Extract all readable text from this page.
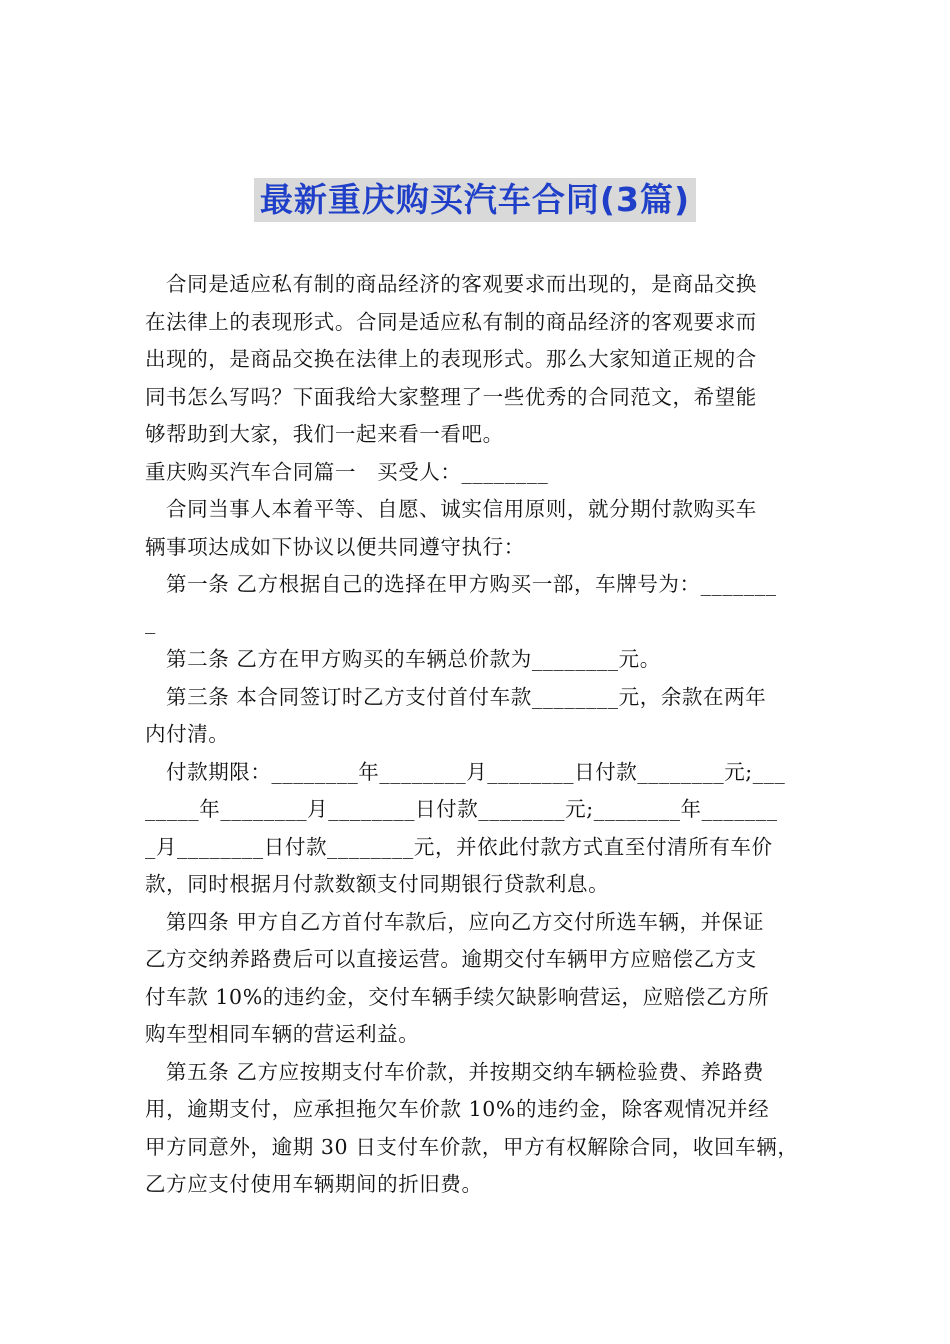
最新重庆购买汽车合同(3篇)
合同是适应私有制的商品经济的客观要求而出现的，是商品交换
在法律上的表现形式。合同是适应私有制的商品经济的客观要求而
出现的，是商品交换在法律上的表现形式。那么大家知道正规的合
同书怎么写吗？下面我给大家整理了一些优秀的合同范文，希望能
够帮助到大家，我们一起来看一看吧。
重庆购买汽车合同篇一　买受人：________
合同当事人本着平等、自愿、诚实信用原则，就分期付款购买车
辆事项达成如下协议以便共同遵守执行：
第一条 乙方根据自己的选择在甲方购买一部，车牌号为：_______
_
第二条 乙方在甲方购买的车辆总价款为________元。
第三条 本合同签订时乙方支付首付车款________元，余款在两年
内付清。
付款期限：________年________月________日付款________元;___
_____年________月________日付款________元;________年_______
_月________日付款________元，并依此付款方式直至付清所有车价
款，同时根据月付款数额支付同期银行贷款利息。
第四条 甲方自乙方首付车款后，应向乙方交付所选车辆，并保证
乙方交纳养路费后可以直接运营。逾期交付车辆甲方应赔偿乙方支
付车款 10%的违约金，交付车辆手续欠缺影响营运，应赔偿乙方所
购车型相同车辆的营运利益。
第五条 乙方应按期支付车价款，并按期交纳车辆检验费、养路费
用，逾期支付，应承担拖欠车价款 10%的违约金，除客观情况并经
甲方同意外，逾期 30 日支付车价款，甲方有权解除合同，收回车辆，
乙方应支付使用车辆期间的折旧费。
